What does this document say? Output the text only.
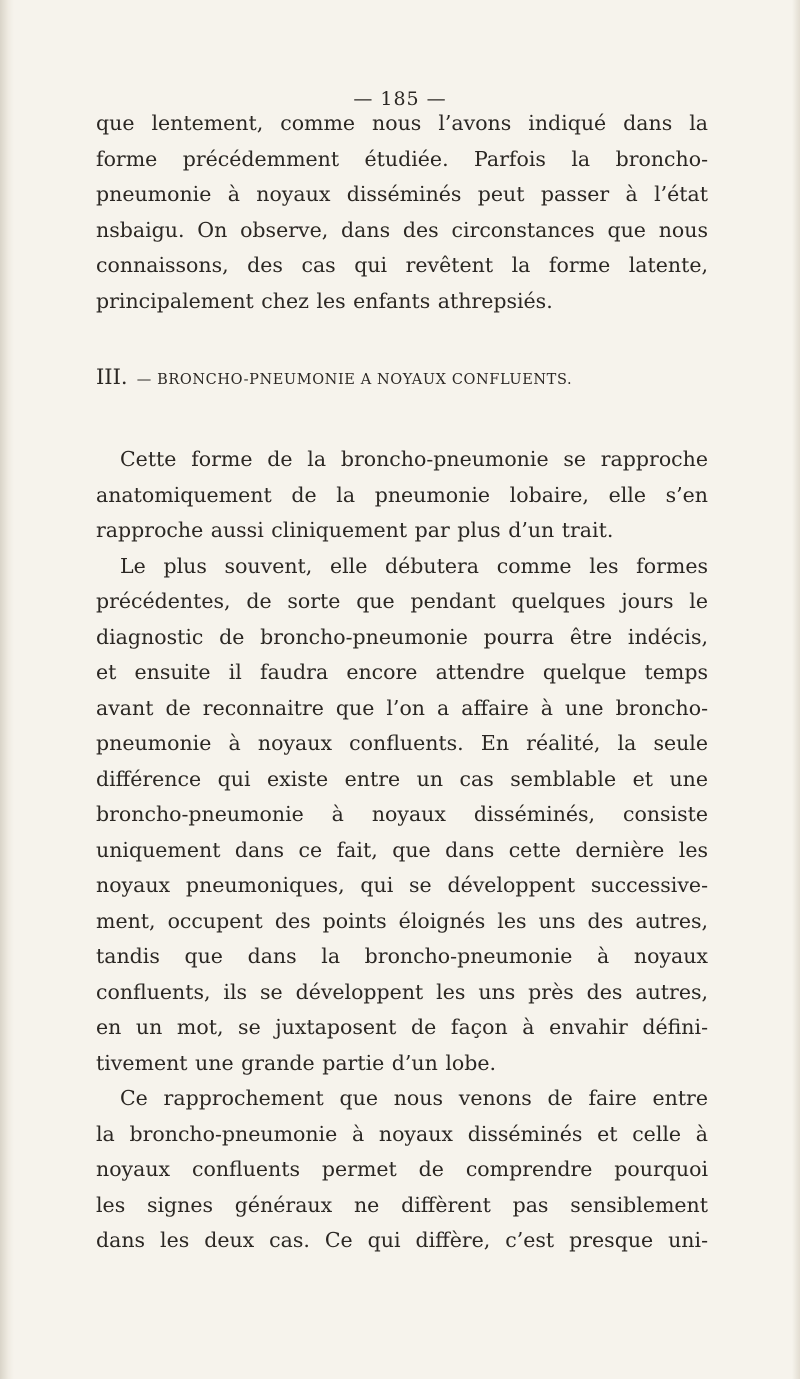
— 185 —
que lentement, comme nous l’avons indiqué dans la
forme précédemment étudiée. Parfois la broncho-
pneumonie à noyaux disséminés peut passer à l’état
nsbaigu. On observe, dans des circonstances que nous
connaissons, des cas qui revêtent la forme latente,
principalement chez les enfants athrepsiés.
III. — BRONCHO-PNEUMONIE A NOYAUX CONFLUENTS.
Cette forme de la broncho-pneumonie se rapproche
anatomiquement de la pneumonie lobaire, elle s’en
rapproche aussi cliniquement par plus d’un trait.
Le plus souvent, elle débutera comme les formes
précédentes, de sorte que pendant quelques jours le
diagnostic de broncho-pneumonie pourra être indécis,
et ensuite il faudra encore attendre quelque temps
avant de reconnaitre que l’on a affaire à une broncho-
pneumonie à noyaux confluents. En réalité, la seule
différence qui existe entre un cas semblable et une
broncho-pneumonie à noyaux disséminés, consiste
uniquement dans ce fait, que dans cette dernière les
noyaux pneumoniques, qui se développent successive-
ment, occupent des points éloignés les uns des autres,
tandis que dans la broncho-pneumonie à noyaux
confluents, ils se développent les uns près des autres,
en un mot, se juxtaposent de façon à envahir défini-
tivement une grande partie d’un lobe.
Ce rapprochement que nous venons de faire entre
la broncho-pneumonie à noyaux disséminés et celle à
noyaux confluents permet de comprendre pourquoi
les signes généraux ne diffèrent pas sensiblement
dans les deux cas. Ce qui diffère, c’est presque uni-
